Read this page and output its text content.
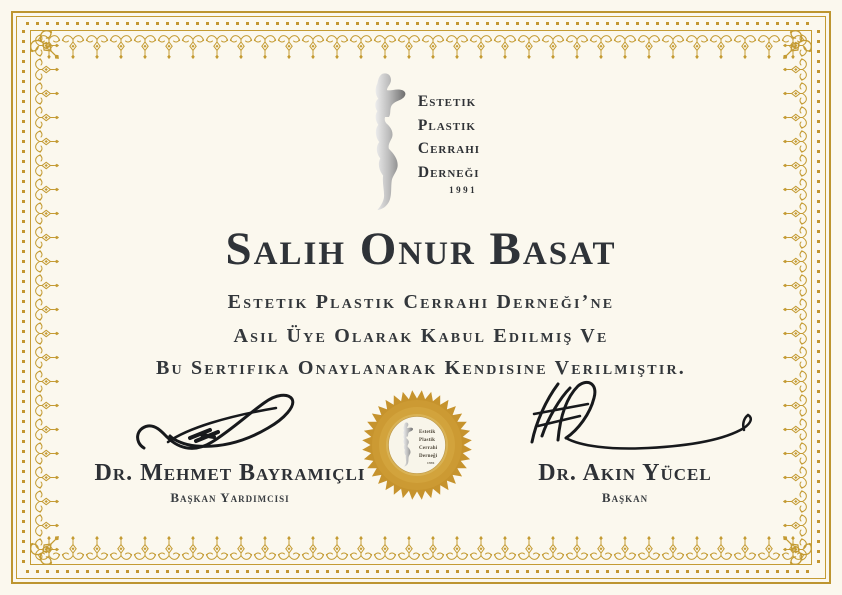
Estetik
Plastik
Cerrahi
Derneği
1991
Salih Onur Basat
Estetik Plastik Cerrahi Derneği’ne
Asil Üye Olarak Kabul Edilmiş Ve
Bu Sertifika Onaylanarak Kendisine Verilmiştir.
Estetik
Plastik
Cerrahi
Derneği
1991
Dr. Mehmet Bayramiçli
Başkan Yardımcısı
Dr. Akın Yücel
Başkan
